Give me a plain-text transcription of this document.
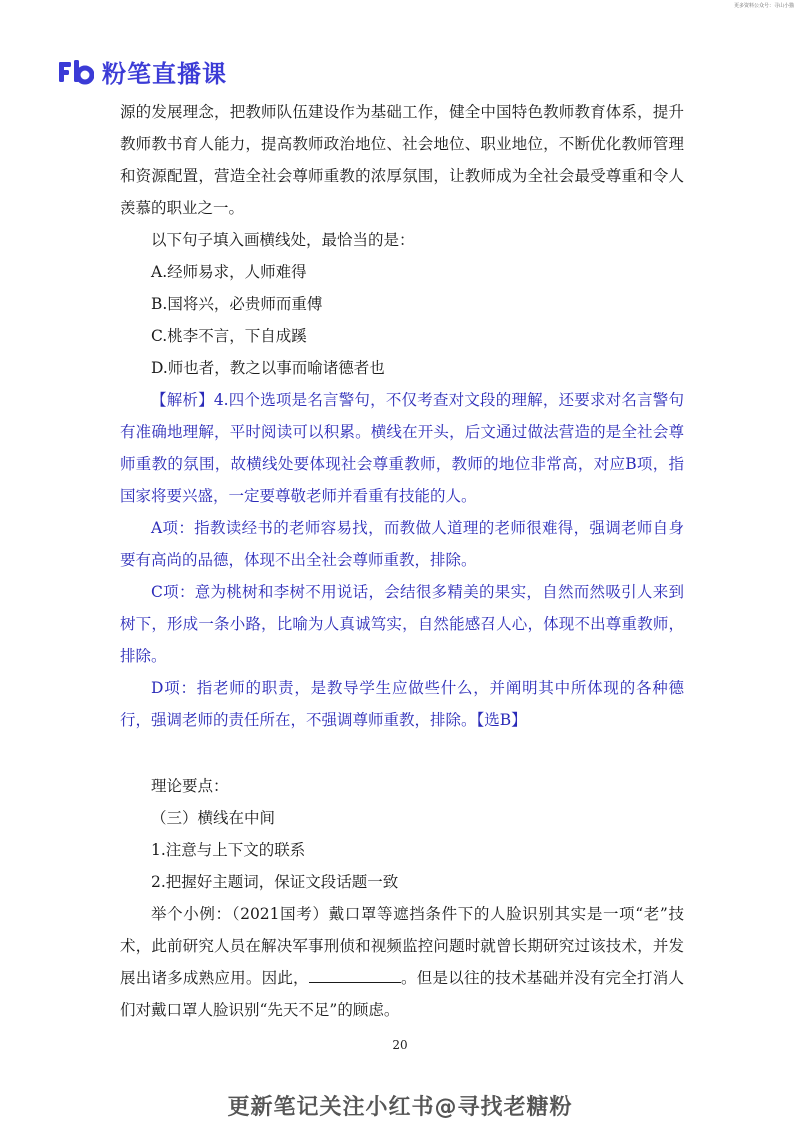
更多资料公众号：寻山小猫
粉笔直播课

源的发展理念，把教师队伍建设作为基础工作，健全中国特色教师教育体系，提升教师教书育人能力，提高教师政治地位、社会地位、职业地位，不断优化教师管理和资源配置，营造全社会尊师重教的浓厚氛围，让教师成为全社会最受尊重和令人羡慕的职业之一。

以下句子填入画横线处，最恰当的是：

A.经师易求，人师难得

B.国将兴，必贵师而重傅

C.桃李不言，下自成蹊

D.师也者，教之以事而喻诸德者也

【解析】4.四个选项是名言警句，不仅考查对文段的理解，还要求对名言警句有准确地理解，平时阅读可以积累。横线在开头，后文通过做法营造的是全社会尊师重教的氛围，故横线处要体现社会尊重教师，教师的地位非常高，对应B项，指国家将要兴盛，一定要尊敬老师并看重有技能的人。

A项：指教读经书的老师容易找，而教做人道理的老师很难得，强调老师自身要有高尚的品德，体现不出全社会尊师重教，排除。

C项：意为桃树和李树不用说话，会结很多精美的果实，自然而然吸引人来到树下，形成一条小路，比喻为人真诚笃实，自然能感召人心，体现不出尊重教师，排除。

D项：指老师的职责，是教导学生应做些什么，并阐明其中所体现的各种德行，强调老师的责任所在，不强调尊师重教，排除。【选B】

理论要点：

（三）横线在中间

1.注意与上下文的联系

2.把握好主题词，保证文段话题一致

举个小例：（2021国考）戴口罩等遮挡条件下的人脸识别其实是一项“老”技术，此前研究人员在解决军事刑侦和视频监控问题时就曾长期研究过该技术，并发展出诸多成熟应用。因此，	。但是以往的技术基础并没有完全打消人们对戴口罩人脸识别“先天不足”的顾虑。

20
更新笔记关注小红书@寻找老糖粉
